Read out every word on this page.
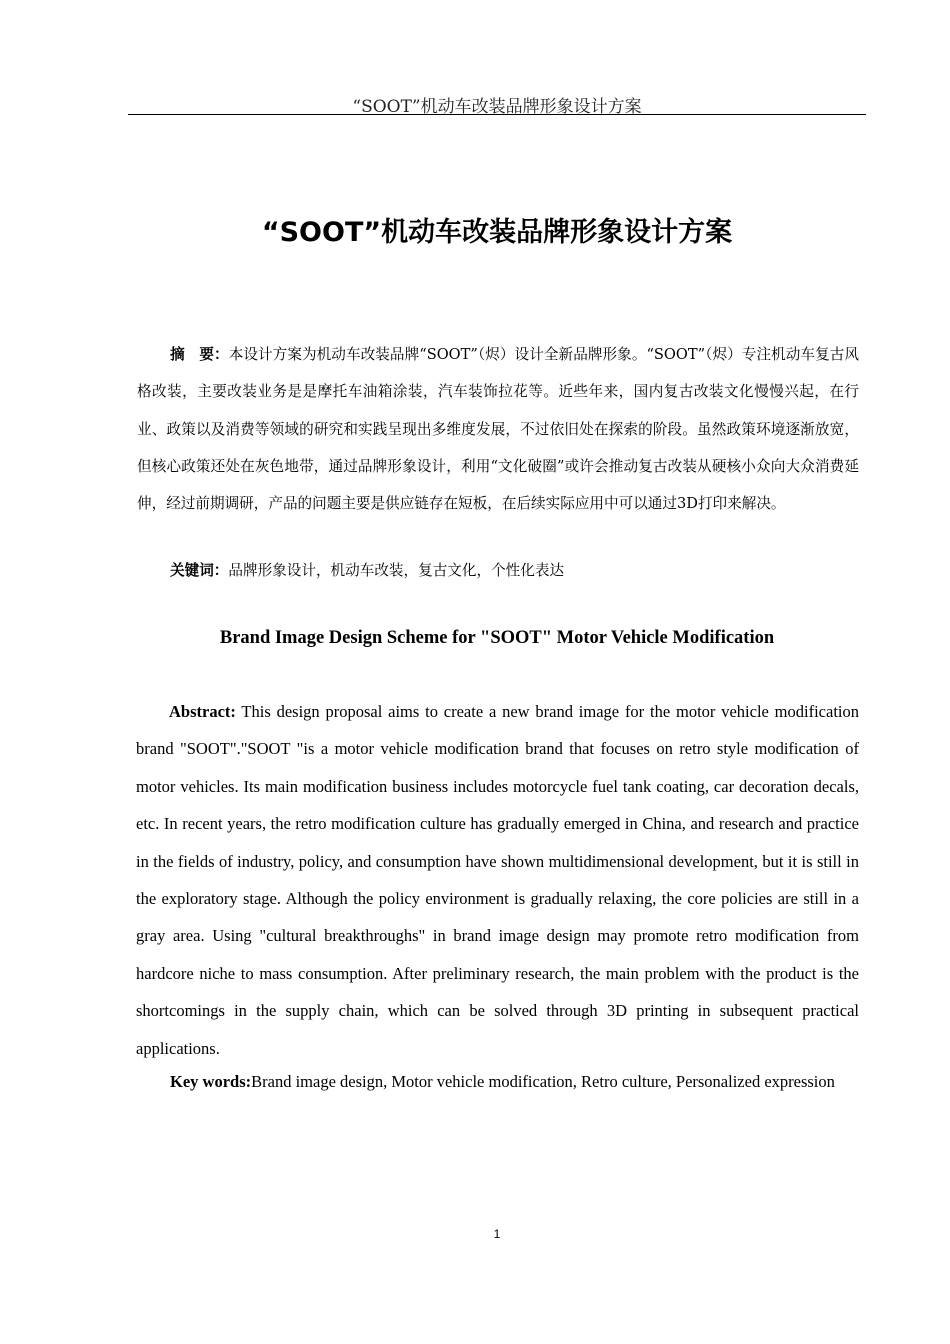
“SOOT”机动车改装品牌形象设计方案
“SOOT”机动车改装品牌形象设计方案
摘　要：本设计方案为机动车改装品牌“SOOT”（烬）设计全新品牌形象。“SOOT”（烬）专注机动车复古风格改装，主要改装业务是是摩托车油箱涂装，汽车装饰拉花等。近些年来，国内复古改装文化慢慢兴起，在行业、政策以及消费等领域的研究和实践呈现出多维度发展，不过依旧处在探索的阶段。虽然政策环境逐渐放宽，但核心政策还处在灰色地带，通过品牌形象设计，利用“文化破圈”或许会推动复古改装从硬核小众向大众消费延伸，经过前期调研，产品的问题主要是供应链存在短板，在后续实际应用中可以通过3D打印来解决。
关键词：品牌形象设计，机动车改装，复古文化，个性化表达
Brand Image Design Scheme for "SOOT" Motor Vehicle Modification
Abstract: This design proposal aims to create a new brand image for the motor vehicle modification brand "SOOT"."SOOT "is a motor vehicle modification brand that focuses on retro style modification of motor vehicles. Its main modification business includes motorcycle fuel tank coating, car decoration decals, etc. In recent years, the retro modification culture has gradually emerged in China, and research and practice in the fields of industry, policy, and consumption have shown multidimensional development, but it is still in the exploratory stage. Although the policy environment is gradually relaxing, the core policies are still in a gray area. Using "cultural breakthroughs" in brand image design may promote retro modification from hardcore niche to mass consumption. After preliminary research, the main problem with the product is the shortcomings in the supply chain, which can be solved through 3D printing in subsequent practical applications.
Key words:Brand image design, Motor vehicle modification, Retro culture, Personalized expression
1
